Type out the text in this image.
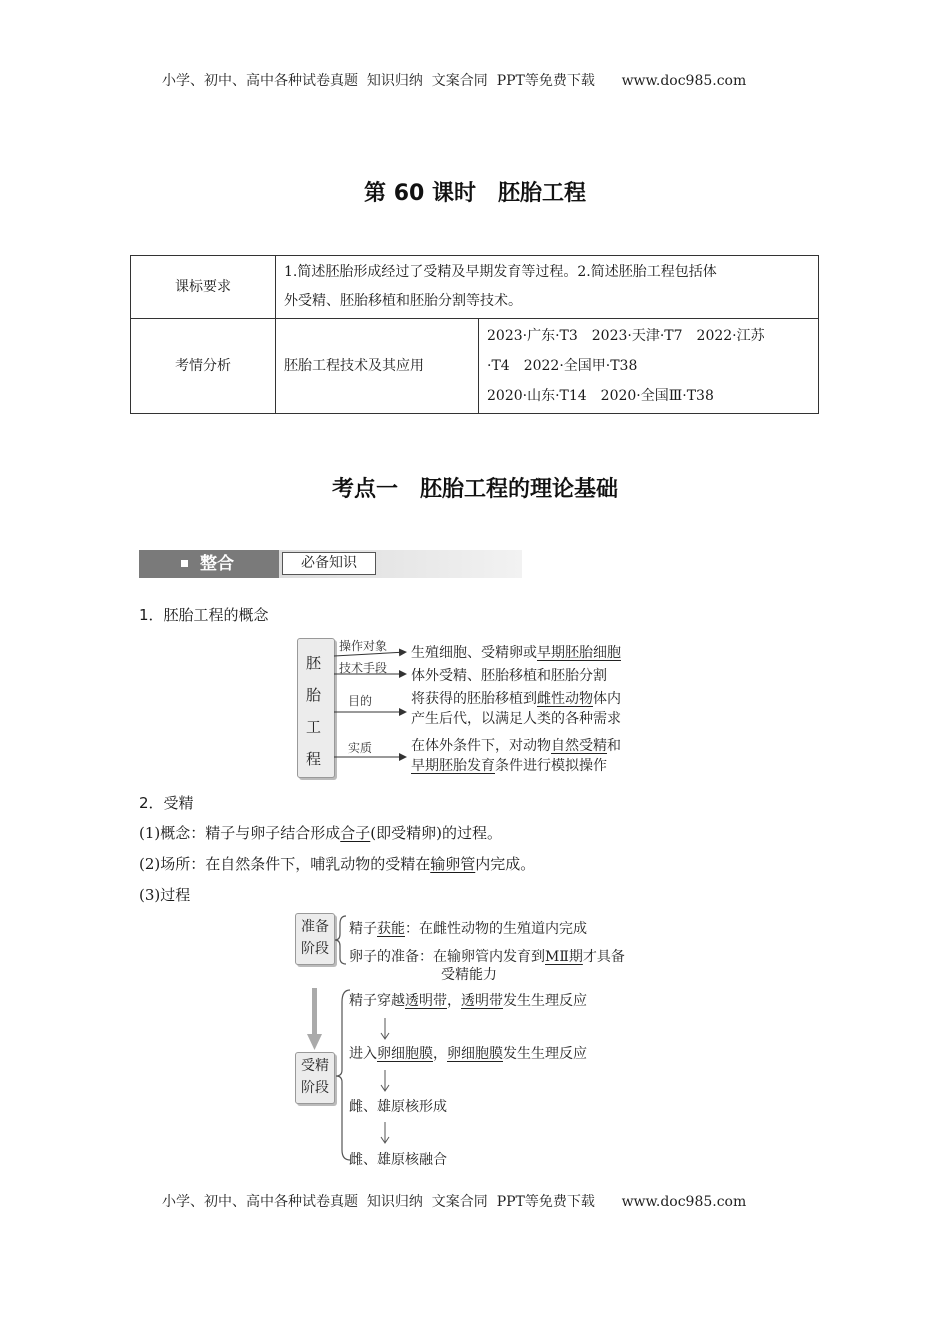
小学、初中、高中各种试卷真题  知识归纳  文案合同  PPT等免费下载      www.doc985.com
第 60 课时　胚胎工程
课标要求	1.简述胚胎形成经过了受精及早期发育等过程。2.简述胚胎工程包括体
外受精、胚胎移植和胚胎分割等技术。	

考情分析	胚胎工程技术及其应用	2023·广东·T3　2023·天津·T7　2022·江苏
·T4　2022·全国甲·T38
2020·山东·T14　2020·全国Ⅲ·T38
考点一　胚胎工程的理论基础
整合	必备知识
1．胚胎工程的概念
胚
胎
工
程
操作对象
技术手段
目的
实质
生殖细胞、受精卵或早期胚胎细胞
体外受精、胚胎移植和胚胎分割
将获得的胚胎移植到雌性动物体内
产生后代，以满足人类的各种需求
在体外条件下，对动物自然受精和
早期胚胎发育条件进行模拟操作
2．受精
(1)概念：精子与卵子结合形成合子(即受精卵)的过程。
(2)场所：在自然条件下，哺乳动物的受精在输卵管内完成。
(3)过程
准备
阶段
受精
阶段
精子获能：在雌性动物的生殖道内完成
卵子的准备：在输卵管内发育到MⅡ期才具备
受精能力
精子穿越透明带，透明带发生生理反应
进入卵细胞膜，卵细胞膜发生生理反应
雌、雄原核形成
雌、雄原核融合
小学、初中、高中各种试卷真题  知识归纳  文案合同  PPT等免费下载      www.doc985.com
